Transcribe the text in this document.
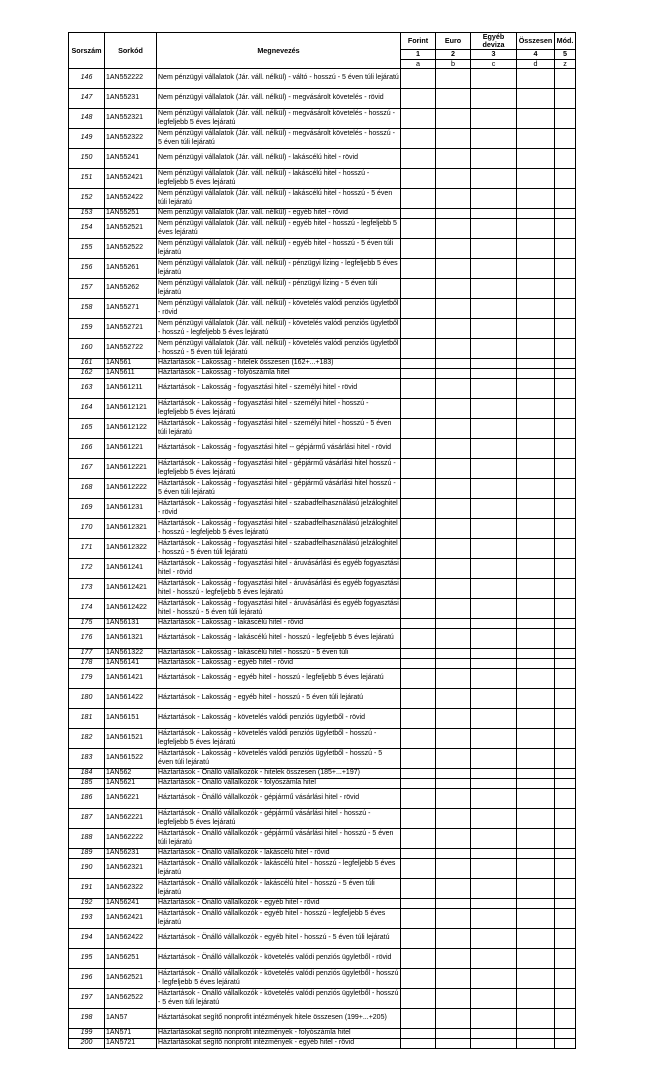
Sorszám	Sorkód	Megnevezés	Forint	Euro	Egyéb deviza	Összesen	Mód.
			1	2	3	4	5
			a	b	c	d	z
146	1AN552222	Nem pénzügyi vállalatok (Jár. váll. nélkül) - váltó - hosszú - 5 éven túli lejáratú					
147	1AN55231	Nem pénzügyi vállalatok (Jár. váll. nélkül) - megvásárolt követelés - rövid					
148	1AN552321	Nem pénzügyi vállalatok (Jár. váll. nélkül) - megvásárolt követelés - hosszú - legfeljebb 5 éves lejáratú					
149	1AN552322	Nem pénzügyi vállalatok (Jár. váll. nélkül) - megvásárolt követelés - hosszú - 5 éven túli lejáratú					
150	1AN55241	Nem pénzügyi vállalatok (Jár. váll. nélkül) - lakáscélú hitel - rövid					
151	1AN552421	Nem pénzügyi vállalatok (Jár. váll. nélkül) - lakáscélú hitel - hosszú - legfeljebb 5 éves lejáratú					
152	1AN552422	Nem pénzügyi vállalatok (Jár. váll. nélkül) - lakáscélú hitel - hosszú - 5 éven túli lejáratú					
153	1AN55251	Nem pénzügyi vállalatok (Jár. váll. nélkül) - egyéb hitel - rövid					
154	1AN552521	Nem pénzügyi vállalatok (Jár. váll. nélkül) - egyéb hitel - hosszú - legfeljebb 5 éves lejáratú					
155	1AN552522	Nem pénzügyi vállalatok (Jár. váll. nélkül) - egyéb hitel - hosszú - 5 éven túli lejáratú					
156	1AN55261	Nem pénzügyi vállalatok (Jár. váll. nélkül) - pénzügyi lízing - legfeljebb 5 éves lejáratú					
157	1AN55262	Nem pénzügyi vállalatok (Jár. váll. nélkül) - pénzügyi lízing - 5 éven túli lejáratú					
158	1AN55271	Nem pénzügyi vállalatok (Jár. váll. nélkül) - követelés valódi penziós ügyletből - rövid					
159	1AN552721	Nem pénzügyi vállalatok (Jár. váll. nélkül) - követelés valódi penziós ügyletből - hosszú - legfeljebb 5 éves lejáratú					
160	1AN552722	Nem pénzügyi vállalatok (Jár. váll. nélkül) - követelés valódi penziós ügyletből - hosszú - 5 éven túli lejáratú					
161	1AN561	Háztartások - Lakosság - hitelek összesen (162+...+183)					
162	1AN5611	Háztartások - Lakosság - folyószámla hitel					
163	1AN561211	Háztartások - Lakosság - fogyasztási hitel - személyi hitel - rövid					
164	1AN5612121	Háztartások - Lakosság - fogyasztási hitel - személyi hitel - hosszú - legfeljebb 5 éves lejáratú					
165	1AN5612122	Háztartások - Lakosság - fogyasztási hitel - személyi hitel - hosszú - 5 éven túli lejáratú					
166	1AN561221	Háztartások - Lakosság - fogyasztási hitel -- gépjármű vásárlási hitel - rövid					
167	1AN5612221	Háztartások - Lakosság - fogyasztási hitel - gépjármű vásárlási hitel hosszú - legfeljebb 5 éves lejáratú					
168	1AN5612222	Háztartások - Lakosság - fogyasztási hitel - gépjármű vásárlási hitel hosszú - 5 éven túli lejáratú					
169	1AN561231	Háztartások - Lakosság - fogyasztási hitel - szabadfelhasználású jelzáloghitel - rövid					
170	1AN5612321	Háztartások - Lakosság - fogyasztási hitel - szabadfelhasználású jelzáloghitel - hosszú - legfeljebb 5 éves lejáratú					
171	1AN5612322	Háztartások - Lakosság - fogyasztási hitel - szabadfelhasználású jelzáloghitel - hosszú - 5 éven túli lejáratú					
172	1AN561241	Háztartások - Lakosság - fogyasztási hitel - áruvásárlási és egyéb fogyasztási hitel - rövid					
173	1AN5612421	Háztartások - Lakosság - fogyasztási hitel - áruvásárlási és egyéb fogyasztási hitel - hosszú - legfeljebb 5 éves lejáratú					
174	1AN5612422	Háztartások - Lakosság - fogyasztási hitel - áruvásárlási és egyéb fogyasztási hitel - hosszú - 5 éven túli lejáratú					
175	1AN56131	Háztartások - Lakosság - lakáscélú hitel - rövid					
176	1AN561321	Háztartások - Lakosság - lakáscélú hitel - hosszú - legfeljebb 5 éves lejáratú					
177	1AN561322	Háztartások - Lakosság - lakáscélú hitel - hosszú - 5 éven túli					
178	1AN56141	Háztartások - Lakosság - egyéb hitel - rövid					
179	1AN561421	Háztartások - Lakosság - egyéb hitel - hosszú - legfeljebb 5 éves lejáratú					
180	1AN561422	Háztartások - Lakosság - egyéb hitel - hosszú - 5 éven túli lejáratú					
181	1AN56151	Háztartások - Lakosság - követelés valódi penziós ügyletből - rövid					
182	1AN561521	Háztartások - Lakosság - követelés valódi penziós ügyletből - hosszú - legfeljebb 5 éves lejáratú					
183	1AN561522	Háztartások - Lakosság - követelés valódi penziós ügyletből - hosszú - 5 éven túli lejáratú					
184	1AN562	Háztartások - Önálló vállalkozók - hitelek összesen (185+...+197)					
185	1AN5621	Háztartások - Önálló vállalkozók - folyószámla hitel					
186	1AN56221	Háztartások - Önálló vállalkozók - gépjármű vásárlási hitel - rövid					
187	1AN562221	Háztartások - Önálló vállalkozók - gépjármű vásárlási hitel - hosszú - legfeljebb 5 éves lejáratú					
188	1AN562222	Háztartások - Önálló vállalkozók - gépjármű vásárlási hitel - hosszú - 5 éven túli lejáratú					
189	1AN56231	Háztartások - Önálló vállalkozók - lakáscélú hitel - rövid					
190	1AN562321	Háztartások - Önálló vállalkozók - lakáscélú hitel - hosszú - legfeljebb 5 éves lejáratú					
191	1AN562322	Háztartások - Önálló vállalkozók - lakáscélú hitel - hosszú - 5 éven túli lejáratú					
192	1AN56241	Háztartások - Önálló vállalkozók - egyéb hitel - rövid					
193	1AN562421	Háztartások - Önálló vállalkozók - egyéb hitel - hosszú - legfeljebb 5 éves lejáratú					
194	1AN562422	Háztartások - Önálló vállalkozók - egyéb hitel - hosszú - 5 éven túli lejáratú					
195	1AN56251	Háztartások - Önálló vállalkozók - követelés valódi penziós ügyletből - rövid					
196	1AN562521	Háztartások - Önálló vállalkozók - követelés valódi penziós ügyletből - hosszú - legfeljebb 5 éves lejáratú					
197	1AN562522	Háztartások - Önálló vállalkozók - követelés valódi penziós ügyletből - hosszú - 5 éven túli lejáratú					
198	1AN57	Háztartásokat segítő nonprofit intézmények hitele összesen (199+...+205)					
199	1AN571	Háztartásokat segítő nonprofit intézmények - folyószámla hitel					
200	1AN5721	Háztartásokat segítő nonprofit intézmények - egyéb hitel - rövid					
